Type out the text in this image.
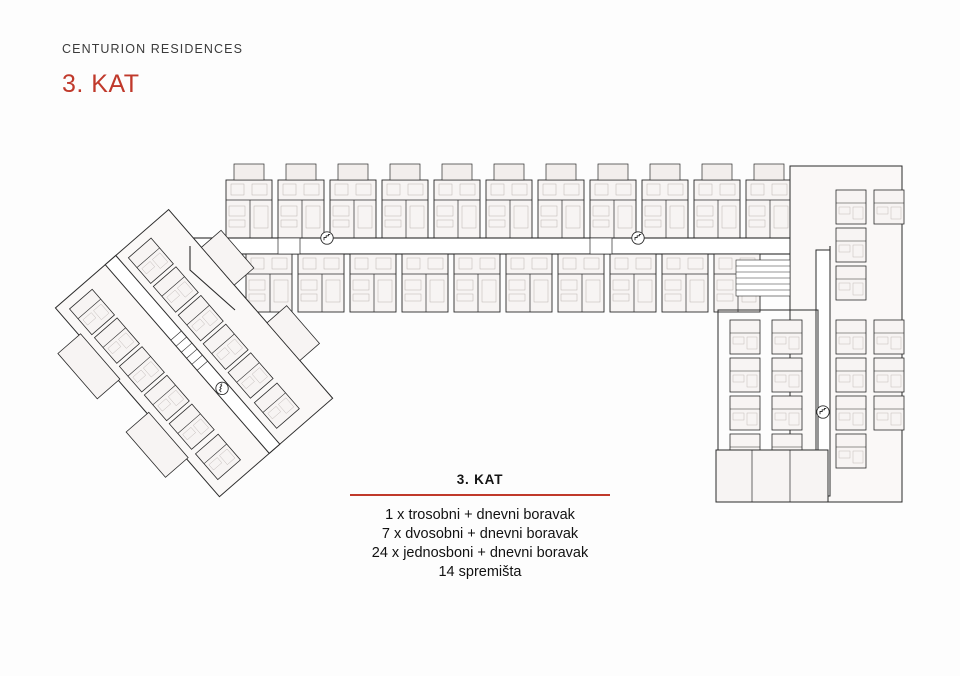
CENTURION RESIDENCES
3. KAT
3. KAT
1 x trosobni + dnevni boravak
7 x dvosobni + dnevni boravak
24 x jednosboni + dnevni boravak
14 spremišta
